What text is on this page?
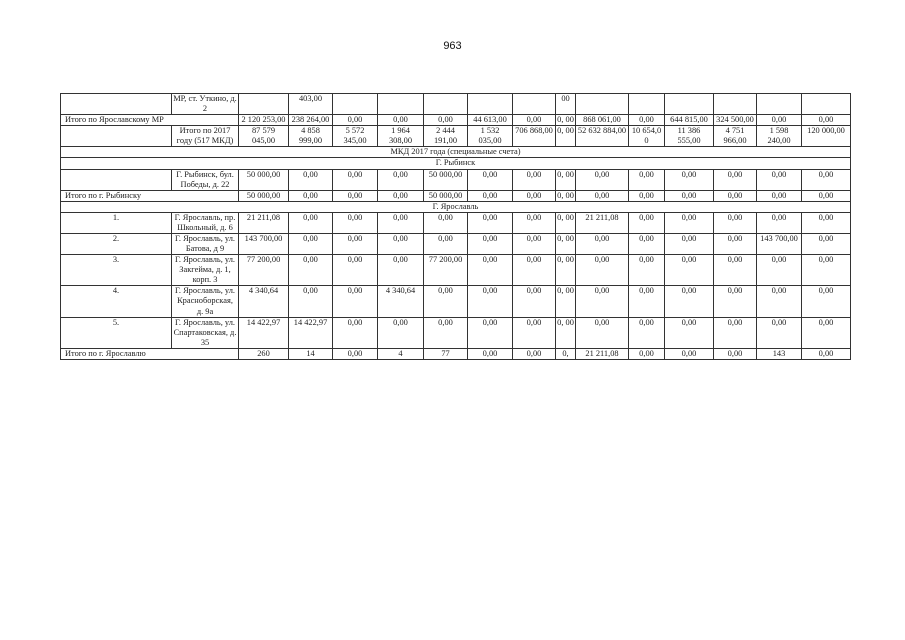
963
	МР, ст. Уткино, д. 2		403,00						00						
Итого по Ярославскому МР		2 120 253,00	238 264,00	0,00	0,00	0,00	44 613,00	0,00	0, 00	868 061,00	0,00	644 815,00	324 500,00	0,00	0,00
	Итого по 2017 году (517 МКД)	87 579 045,00	4 858 999,00	5 572 345,00	1 964 308,00	2 444 191,00	1 532 035,00	706 868,00	0, 00	52 632 884,00	10 654,0 0	11 386 555,00	4 751 966,00	1 598 240,00	120 000,00
МКД 2017 года (специальные счета)															
Г. Рыбинск															
	Г. Рыбинск, бул. Победы, д. 22	50 000,00	0,00	0,00	0,00	50 000,00	0,00	0,00	0, 00	0,00	0,00	0,00	0,00	0,00	0,00
Итого по г. Рыбинску		50 000,00	0,00	0,00	0,00	50 000,00	0,00	0,00	0, 00	0,00	0,00	0,00	0,00	0,00	0,00
Г. Ярославль															
1.	Г. Ярославль, пр. Школьный, д. 6	21 211,08	0,00	0,00	0,00	0,00	0,00	0,00	0, 00	21 211,08	0,00	0,00	0,00	0,00	0,00
2.	Г. Ярославль, ул. Батова, д 9	143 700,00	0,00	0,00	0,00	0,00	0,00	0,00	0, 00	0,00	0,00	0,00	0,00	143 700,00	0,00
3.	Г. Ярославль, ул. Закгейма, д. 1, корп. 3	77 200,00	0,00	0,00	0,00	77 200,00	0,00	0,00	0, 00	0,00	0,00	0,00	0,00	0,00	0,00
4.	Г. Ярославль, ул. Краснобoрская, д. 9а	4 340,64	0,00	0,00	4 340,64	0,00	0,00	0,00	0, 00	0,00	0,00	0,00	0,00	0,00	0,00
5.	Г. Ярославль, ул. Спартаковская, д. 35	14 422,97	14 422,97	0,00	0,00	0,00	0,00	0,00	0, 00	0,00	0,00	0,00	0,00	0,00	0,00
Итого по г. Ярославлю		260	14	0,00	4	77	0,00	0,00	0,	21 211,08	0,00	0,00	0,00	143	0,00
